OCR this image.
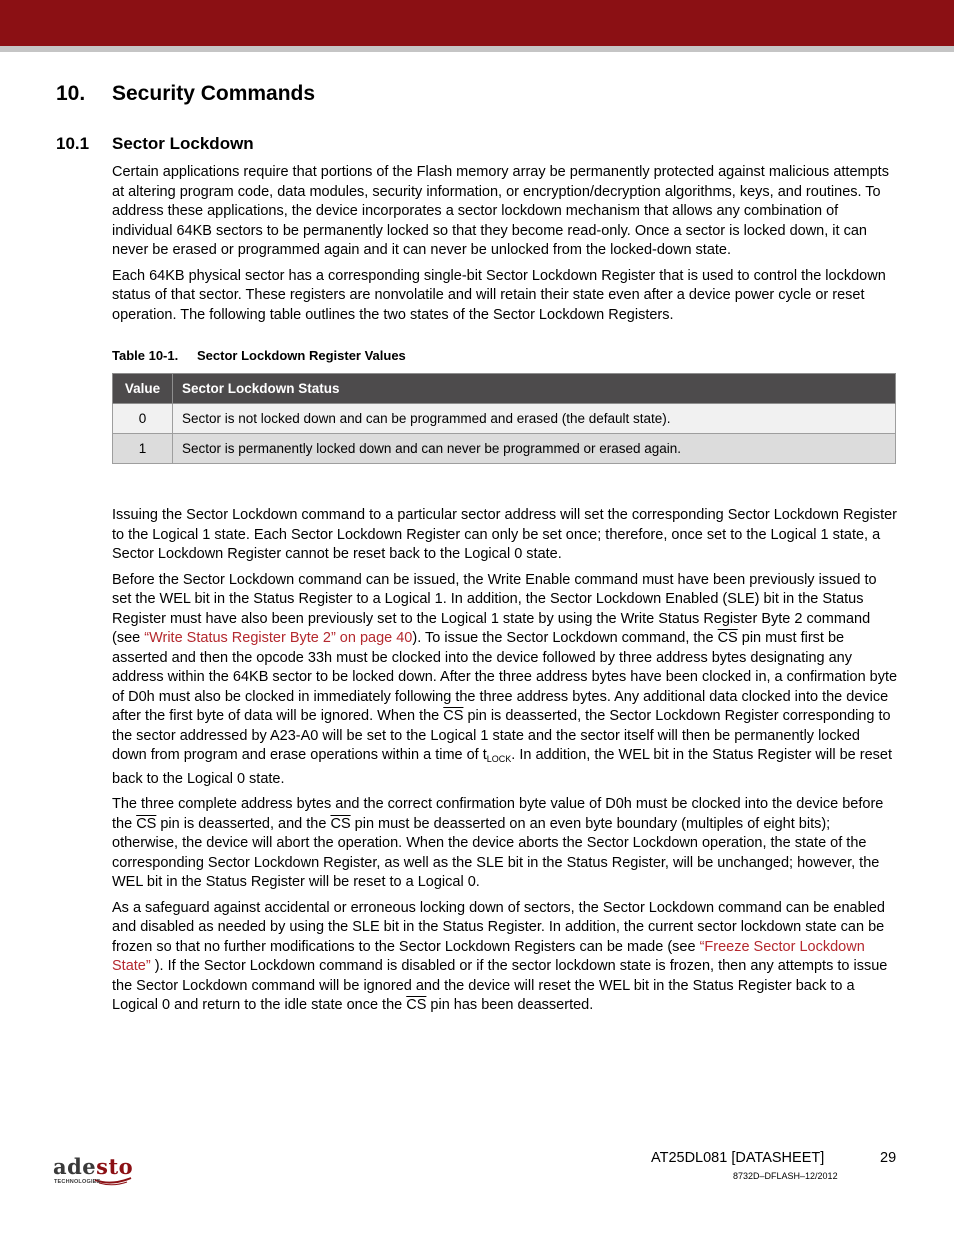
10. Security Commands
10.1 Sector Lockdown

Certain applications require that portions of the Flash memory array be permanently protected against malicious attempts at altering program code, data modules, security information, or encryption/decryption algorithms, keys, and routines. To address these applications, the device incorporates a sector lockdown mechanism that allows any combination of individual 64KB sectors to be permanently locked so that they become read-only. Once a sector is locked down, it can never be erased or programmed again and it can never be unlocked from the locked-down state.

Each 64KB physical sector has a corresponding single-bit Sector Lockdown Register that is used to control the lockdown status of that sector. These registers are nonvolatile and will retain their state even after a device power cycle or reset operation. The following table outlines the two states of the Sector Lockdown Registers.

Table 10-1. Sector Lockdown Register Values
Value	Sector Lockdown Status
0	Sector is not locked down and can be programmed and erased (the default state).
1	Sector is permanently locked down and can never be programmed or erased again.

Issuing the Sector Lockdown command to a particular sector address will set the corresponding Sector Lockdown Register to the Logical 1 state. Each Sector Lockdown Register can only be set once; therefore, once set to the Logical 1 state, a Sector Lockdown Register cannot be reset back to the Logical 0 state.

Before the Sector Lockdown command can be issued, the Write Enable command must have been previously issued to set the WEL bit in the Status Register to a Logical 1. In addition, the Sector Lockdown Enabled (SLE) bit in the Status Register must have also been previously set to the Logical 1 state by using the Write Status Register Byte 2 command (see “Write Status Register Byte 2” on page 40). To issue the Sector Lockdown command, the $\overline{CS}$ pin must first be asserted and then the opcode 33h must be clocked into the device followed by three address bytes designating any address within the 64KB sector to be locked down. After the three address bytes have been clocked in, a confirmation byte of D0h must also be clocked in immediately following the three address bytes. Any additional data clocked into the device after the first byte of data will be ignored. When the $\overline{CS}$ pin is deasserted, the Sector Lockdown Register corresponding to the sector addressed by A23-A0 will be set to the Logical 1 state and the sector itself will then be permanently locked down from program and erase operations within a time of $t_{LOCK}$. In addition, the WEL bit in the Status Register will be reset back to the Logical 0 state.

The three complete address bytes and the correct confirmation byte value of D0h must be clocked into the device before the $\overline{CS}$ pin is deasserted, and the $\overline{CS}$ pin must be deasserted on an even byte boundary (multiples of eight bits); otherwise, the device will abort the operation. When the device aborts the Sector Lockdown operation, the state of the corresponding Sector Lockdown Register, as well as the SLE bit in the Status Register, will be unchanged; however, the WEL bit in the Status Register will be reset to a Logical 0.

As a safeguard against accidental or erroneous locking down of sectors, the Sector Lockdown command can be enabled and disabled as needed by using the SLE bit in the Status Register. In addition, the current sector lockdown state can be frozen so that no further modifications to the Sector Lockdown Registers can be made (see “Freeze Sector Lockdown State” ). If the Sector Lockdown command is disabled or if the sector lockdown state is frozen, then any attempts to issue the Sector Lockdown command will be ignored and the device will reset the WEL bit in the Status Register back to a Logical 0 and return to the idle state once the $\overline{CS}$ pin has been deasserted.

adesto
TECHNOLOGIES
AT25DL081 [DATASHEET]	29
8732D–DFLASH–12/2012
